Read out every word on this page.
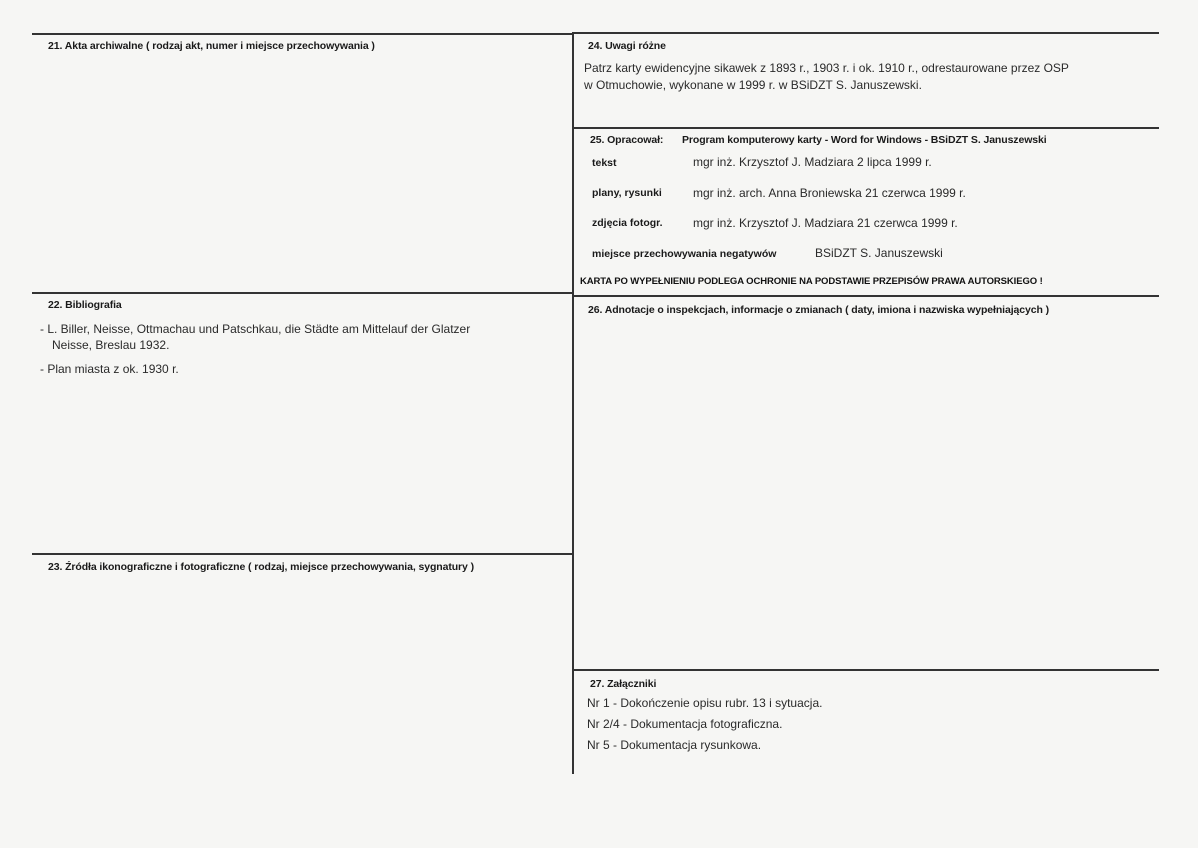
21. Akta archiwalne ( rodzaj akt, numer i miejsce przechowywania )	24. Uwagi różne
Patrz karty ewidencyjne sikawek z 1893 r., 1903 r. i ok. 1910 r., odrestaurowane przez OSP
w Otmuchowie, wykonane w 1999 r. w BSiDZT S. Januszewski.
25. Opracował: Program komputerowy karty - Word for Windows - BSiDZT S. Januszewski
tekst	mgr inż. Krzysztof J. Madziara 2 lipca 1999 r.
plany, rysunki	mgr inż. arch. Anna Broniewska 21 czerwca 1999 r.
zdjęcia fotogr.	mgr inż. Krzysztof J. Madziara 21 czerwca 1999 r.
miejsce przechowywania negatywów	BSiDZT S. Januszewski
KARTA PO WYPEŁNIENIU PODLEGA OCHRONIE NA PODSTAWIE PRZEPISÓW PRAWA AUTORSKIEGO !
22. Bibliografia
- L. Biller, Neisse, Ottmachau und Patschkau, die Städte am Mittelauf der Glatzer
Neisse, Breslau 1932.
- Plan miasta z ok. 1930 r.
26. Adnotacje o inspekcjach, informacje o zmianach ( daty, imiona i nazwiska wypełniających )
23. Źródła ikonograficzne i fotograficzne ( rodzaj, miejsce przechowywania, sygnatury )
27. Załączniki
Nr 1 - Dokończenie opisu rubr. 13 i sytuacja.
Nr 2/4 - Dokumentacja fotograficzna.
Nr 5 - Dokumentacja rysunkowa.
